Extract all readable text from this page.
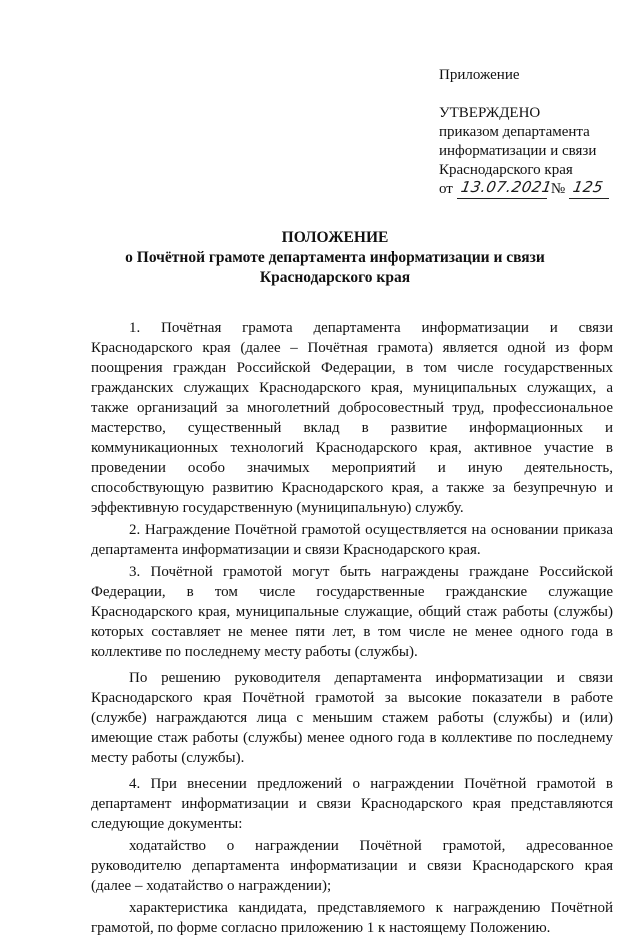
Приложение
УТВЕРЖДЕНО
приказом департамента
информатизации и связи
Краснодарского края
от 13.07.2021
№ 125
ПОЛОЖЕНИЕ
о Почётной грамоте департамента информатизации и связи
Краснодарского края

1. Почётная грамота департамента информатизации и связи Краснодарского края (далее – Почётная грамота) является одной из форм поощрения граждан Российской Федерации, в том числе государственных гражданских служащих Краснодарского края, муниципальных служащих, а также организаций за многолетний добросовестный труд, профессиональное мастерство, существенный вклад в развитие информационных и коммуникационных технологий Краснодарского края, активное участие в проведении особо значимых мероприятий и иную деятельность, способствующую развитию Краснодарского края, а также за безупречную и эффективную государственную (муниципальную) службу.

2. Награждение Почётной грамотой осуществляется на основании приказа департамента информатизации и связи Краснодарского края.

3. Почётной грамотой могут быть награждены граждане Российской Федерации, в том числе государственные гражданские служащие Краснодарского края, муниципальные служащие, общий стаж работы (службы) которых составляет не менее пяти лет, в том числе не менее одного года в коллективе по последнему месту работы (службы).

По решению руководителя департамента информатизации и связи Краснодарского края Почётной грамотой за высокие показатели в работе (службе) награждаются лица с меньшим стажем работы (службы) и (или) имеющие стаж работы (службы) менее одного года в коллективе по последнему месту работы (службы).

4. При внесении предложений о награждении Почётной грамотой в департамент информатизации и связи Краснодарского края представляются следующие документы:

ходатайство о награждении Почётной грамотой, адресованное руководителю департамента информатизации и связи Краснодарского края (далее – ходатайство о награждении);

характеристика кандидата, представляемого к награждению Почётной грамотой, по форме согласно приложению 1 к настоящему Положению.
